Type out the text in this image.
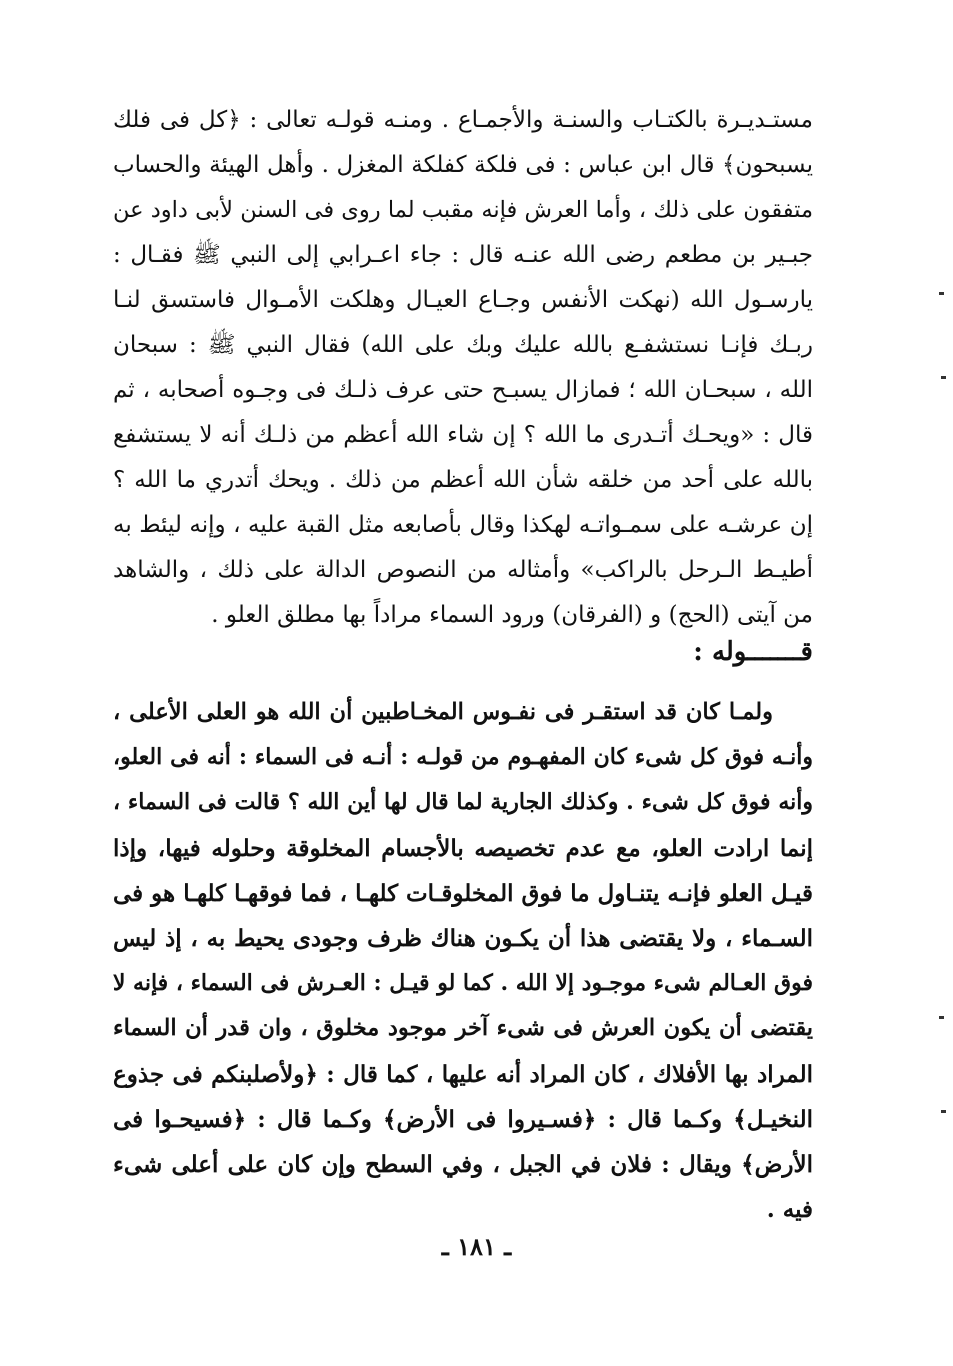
مستـديـرة بالكتـاب والسنـة والأجمـاع . ومنـه قولـه تعالى : ﴿كل فى فلك
يسبحون﴾ قال ابن عباس : فى فلكة كفلكة المغزل . وأهل الهيئة والحساب
متفقون على ذلك ، وأما العرش فإنه مقبب لما روى فى السنن لأبى داود عن
جبـير بن مطعم رضى الله عنـه قال : جاء اعـرابي إلى النبي ﷺ فقـال :
يارسـول الله (نهكت الأنفس وجـاع العيـال وهلكت الأمـوال فاستسق لنـا
ربـك فإنـا نستشفـع بالله عليك وبك على الله) فقال النبي ﷺ : سبحان
الله ، سبحـان الله ؛ فمازال يسبـح حتى عرف ذلـك فى وجـوه أصحابه ، ثم
قال : «ويحـك أتـدرى ما الله ؟ إن شاء الله أعظم من ذلـك أنه لا يستشفع
بالله على أحد من خلقه شأن الله أعظم من ذلك . ويحك أتدري ما الله ؟
إن عرشـه على سمـواتـه لهكذا وقال بأصابعه مثل القبة عليه ، وإنه ليئط به
أطيـط الـرحل بالراكب» وأمثاله من النصوص الدالة على ذلك ، والشاهد
من آيتى (الحج) و (الفرقان) ورود السماء مراداً بها مطلق العلو .
قـــــــوله :
ولمـا كان قد استقـر فى نفـوس المخـاطبين أن الله هو العلى الأعلى ،
وأنـه فوق كل شىء كان المفهـوم من قولـه : أنـه فى السماء : أنه فى العلو،
وأنه فوق كل شىء . وكذلك الجارية لما قال لها أين الله ؟ قالت فى السماء ،
إنما ارادت العلو، مع عدم تخصيصه بالأجسام المخلوقة وحلوله فيها، وإذا
قيـل العلو فإنـه يتنـاول ما فوق المخلوقـات كلهـا ، فما فوقهـا كلهـا هو فى
السـماء ، ولا يقتضى هذا أن يكـون هناك ظرف وجودى يحيط به ، إذ ليس
فوق العـالم شىء موجـود إلا الله . كما لو قيـل : العـرش فى السماء ، فإنه لا
يقتضى أن يكون العرش فى شىء آخر موجود مخلوق ، وان قدر أن السماء
المراد بها الأفلاك ، كان المراد أنه عليها ، كما قال : ﴿ولأصلبنكم فى جذوع
النخيـل﴾ وكـما قال : ﴿فسـيروا فى الأرض﴾ وكـما قال : ﴿فسيحـوا فى
الأرض﴾ ويقال : فلان في الجبل ، وفي السطح وإن كان على أعلى شىء
فيه .
ـ ١٨١ ـ
